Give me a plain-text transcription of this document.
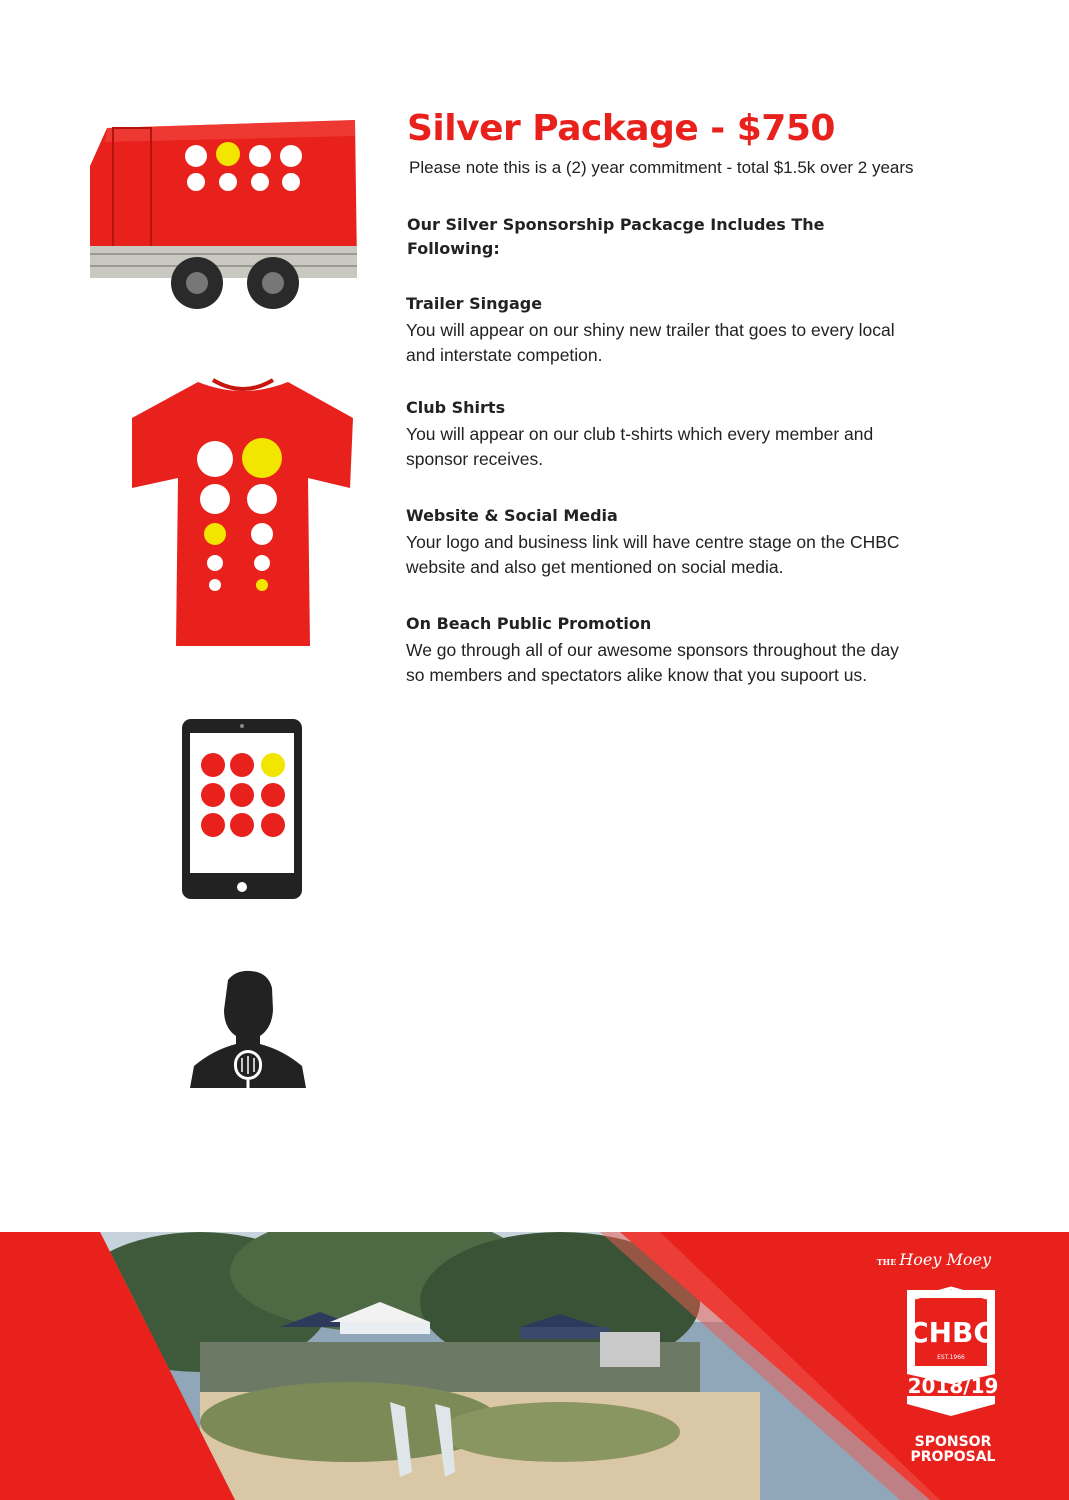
Silver Package - $750

Please note this is a (2) year commitment - total $1.5k over 2 years

Our Silver Sponsorship Packacge Includes The Following:

Trailer Singage

You will appear on our shiny new trailer that goes to every local and interstate competion.

Club Shirts

You will appear on our club t-shirts which every member and sponsor receives.

Website & Social Media

Your logo and business link will have centre stage on the CHBC website and also get mentioned on social media.

On Beach Public Promotion

We go through all of our awesome sponsors throughout the day so members and spectators alike know that you supoort us.

THE Hoey Moey
CHBC
EST.1966
2018/19
SPONSOR
PROPOSAL
